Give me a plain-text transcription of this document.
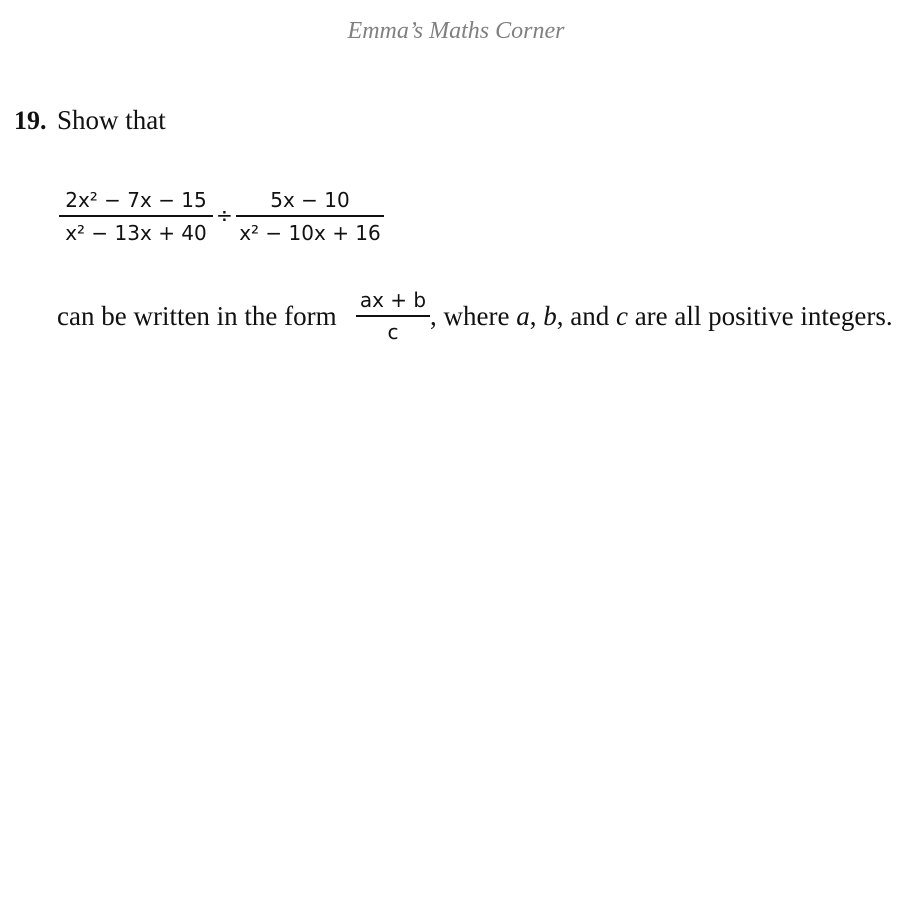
Emma’s Maths Corner
19. Show that
2x² − 7x − 15
x² − 13x + 40
÷
5x − 10
x² − 10x + 16
can be written in the form
ax + b
c
, where a, b, and c are all positive integers.
